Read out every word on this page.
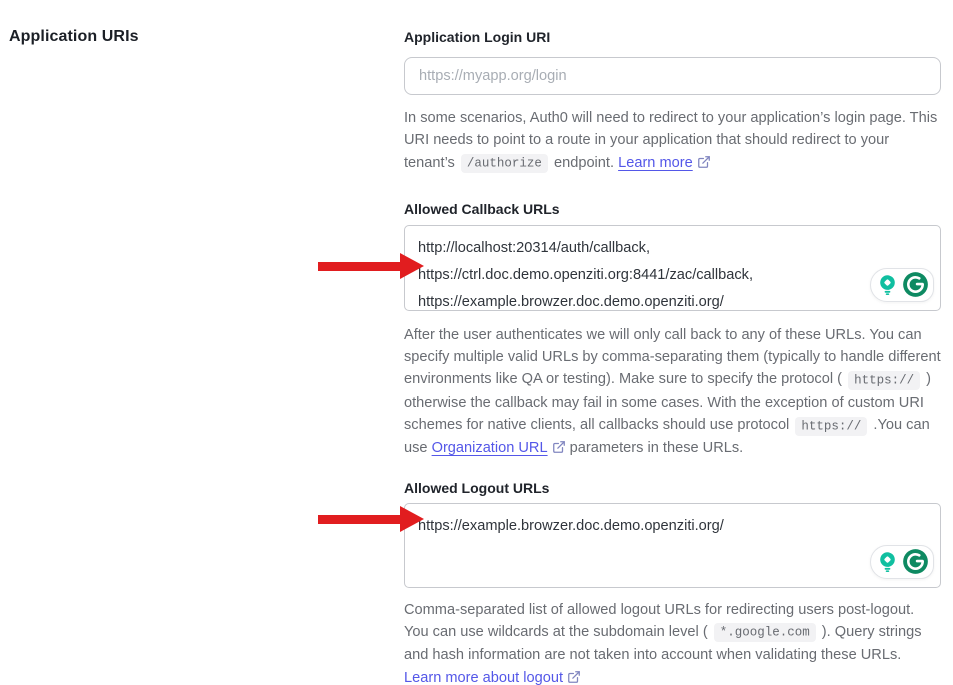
Application URIs	Application Login URI
https://myapp.org/login

In some scenarios, Auth0 will need to redirect to your application’s login page. This URI needs to point to a route in your application that should redirect to your tenant’s /authorize endpoint. Learn more

Allowed Callback URLs
http://localhost:20314/auth/callback, https://ctrl.doc.demo.openziti.org:8441/zac/callback, https://example.browzer.doc.demo.openziti.org/

After the user authenticates we will only call back to any of these URLs. You can specify multiple valid URLs by comma-separating them (typically to handle different environments like QA or testing). Make sure to specify the protocol ( https:// ) otherwise the callback may fail in some cases. With the exception of custom URI schemes for native clients, all callbacks should use protocol https:// .You can use Organization URL parameters in these URLs.

Allowed Logout URLs
https://example.browzer.doc.demo.openziti.org/

Comma-separated list of allowed logout URLs for redirecting users post-logout. You can use wildcards at the subdomain level ( *.google.com ). Query strings and hash information are not taken into account when validating these URLs. Learn more about logout
